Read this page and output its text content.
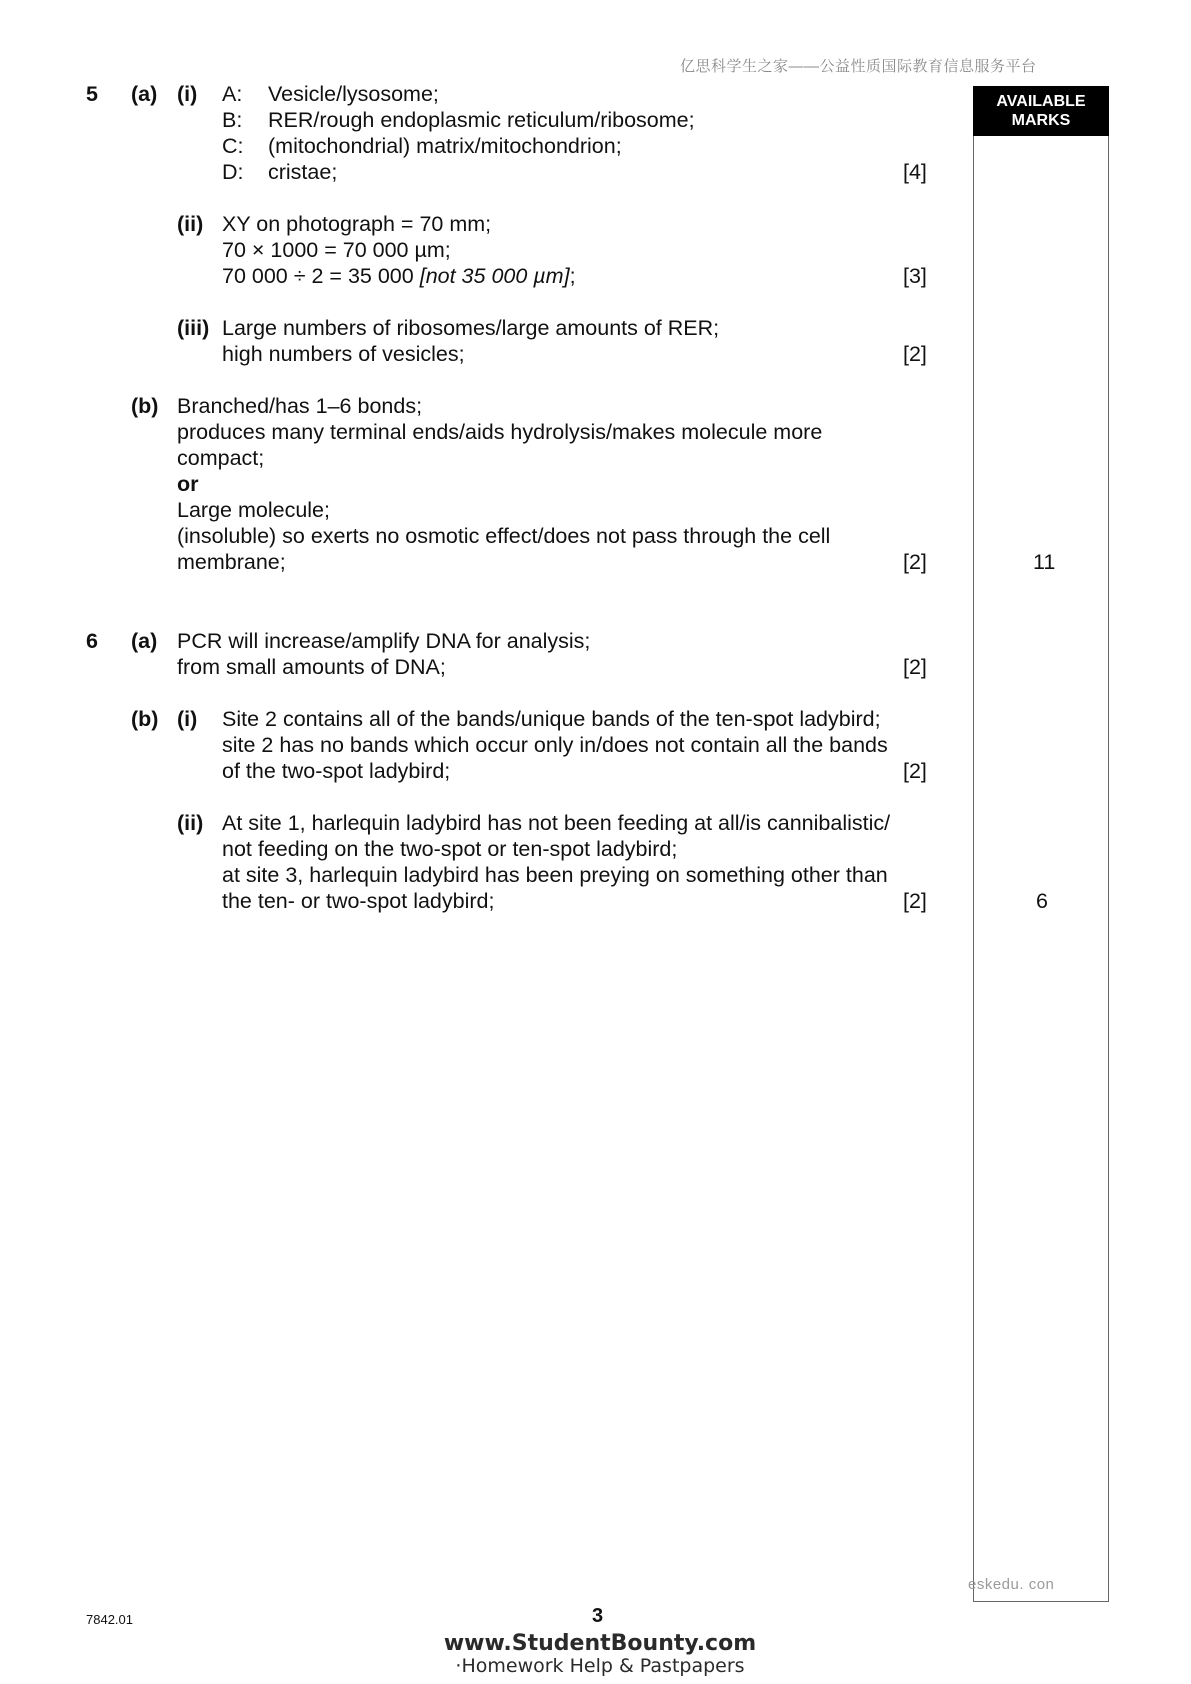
亿思科学生之家——公益性质国际教育信息服务平台
AVAILABLE
MARKS
5 (a) (i) A: Vesicle/lysosome;
B: RER/rough endoplasmic reticulum/ribosome;
C: (mitochondrial) matrix/mitochondrion;
D: cristae;	[4]
(ii) XY on photograph = 70 mm;
70 × 1000 = 70 000 µm;
70 000 ÷ 2 = 35 000 [not 35 000 µm];	[3]
(iii) Large numbers of ribosomes/large amounts of RER;
high numbers of vesicles;	[2]
(b) Branched/has 1–6 bonds;
produces many terminal ends/aids hydrolysis/makes molecule more
compact;
or
Large molecule;
(insoluble) so exerts no osmotic effect/does not pass through the cell
membrane;	[2]	11
6 (a) PCR will increase/amplify DNA for analysis;
from small amounts of DNA;	[2]
(b) (i) Site 2 contains all of the bands/unique bands of the ten-spot ladybird;
site 2 has no bands which occur only in/does not contain all the bands
of the two-spot ladybird;	[2]
(ii) At site 1, harlequin ladybird has not been feeding at all/is cannibalistic/
not feeding on the two-spot or ten-spot ladybird;
at site 3, harlequin ladybird has been preying on something other than
the ten- or two-spot ladybird;	[2]	6
eskedu. con
7842.01	3
www.StudentBounty.com
·Homework Help & Pastpapers
